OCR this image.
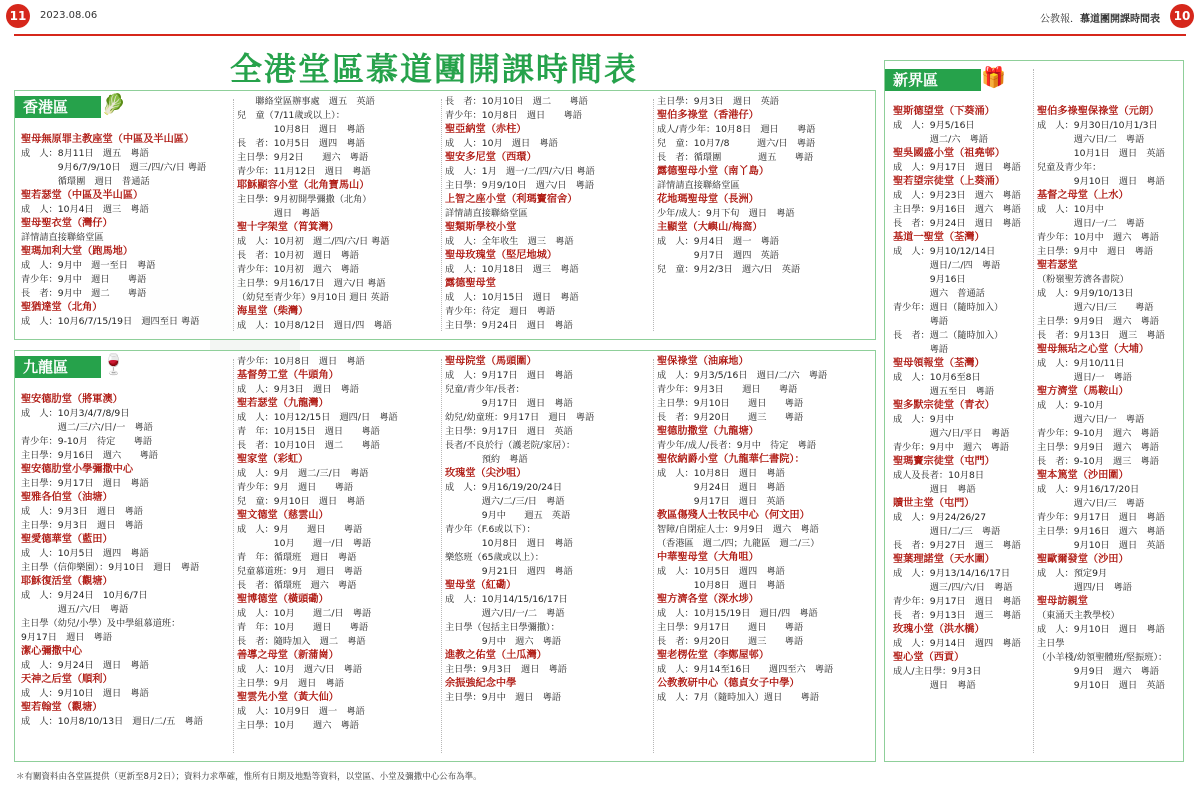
11	2023.08.06	公教報．慕道團開課時間表	10
全港堂區慕道團開課時間表
香港區 🥬
聖母無原罪主教座堂（中區及半山區）
成　人：8月11日　週五　粵語
　　　　9月6/7/9/10日　週三/四/六/日 粵語
　　　　循環團　週日　普通話
聖若瑟堂（中區及半山區）
成　人：10月4日　週三　粵語
聖母聖衣堂（灣仔）
詳情請直接聯絡堂區
聖瑪加利大堂（跑馬地）
成　人：9月中　週一至日　粵語
青少年：9月中　週日　　粵語
長　者：9月中　週二　　粵語
聖猶達堂（北角）
成　人：10月6/7/15/19日　週四至日 粵語
　　聯絡堂區辦事處　週五　英語
兒　童（7/11歲或以上）：
　　　　10月8日　週日　粵語
長　者：10月5日　週四　粵語
主日學：9月2日　　週六　粵語
青少年：11月12日　週日　粵語
耶穌顯容小堂（北角寶馬山）
主日學：9月初開學彌撒（北角）
　　　　週日　粵語
聖十字架堂（筲箕灣）
成　人：10月初　週二/四/六/日 粵語
長　者：10月初　週日　粵語
青少年：10月初　週六　粵語
主日學：9月16/17日　週六/日 粵語
（幼兒至青少年）9月10日 週日 英語
海星堂（柴灣）
成　人：10月8/12日　週日/四　粵語
長　者：10月10日　週二　　粵語
青少年：10月8日　週日　　粵語
聖亞納堂（赤柱）
成　人：10月　週日　粵語
聖安多尼堂（西環）
成　人：1月　週一/二/四/六/日 粵語
主日學：9月9/10日　週六/日　粵語
上智之座小堂（利瑪竇宿舍）
詳情請直接聯絡堂區
聖類斯學校小堂
成　人：全年收生　週三　粵語
聖母玫瑰堂（堅尼地城）
成　人：10月18日　週三　粵語
露德聖母堂
成　人：10月15日　週日　粵語
青少年：待定　週日　粵語
主日學：9月24日　週日　粵語
主日學：9月3日　週日　英語
聖伯多祿堂（香港仔）
成人/青少年：10月8日　週日　　粵語
兒　童：10月7/8　　　週六/日　粵語
長　者：循環團　　　　週五　　粵語
露德聖母小堂（南丫島）
詳情請直接聯絡堂區
花地瑪聖母堂（長洲）
少年/成人：9月下旬　週日　粵語
主顯堂（大嶼山/梅窩）
成　人：9月4日　週一　粵語
　　　　9月7日　週四　英語
兒　童：9月2/3日　週六/日　英語
九龍區 🍷
聖安德肋堂（將軍澳）
成　人：10月3/4/7/8/9日
　　　　週二/三/六/日/一　粵語
青少年：9-10月　待定　　粵語
主日學：9月16日　週六　　粵語
聖安德肋堂小學彌撒中心
主日學：9月17日　週日　粵語
聖雅各伯堂（油塘）
成　人：9月3日　週日　粵語
主日學：9月3日　週日　粵語
聖愛德華堂（藍田）
成　人：10月5日　週四　粵語
主日學（信仰樂園）：9月10日　週日　粵語
耶穌復活堂（觀塘）
成　人：9月24日　10月6/7日
　　　　週五/六/日　粵語
主日學（幼兒/小學）及中學組慕道班：
9月17日　週日　粵語
潔心彌撒中心
成　人：9月24日　週日　粵語
天神之后堂（順利）
成　人：9月10日　週日　粵語
聖若翰堂（觀塘）
成　人：10月8/10/13日　週日/二/五　粵語
青少年：10月8日　週日　粵語
基督勞工堂（牛頭角）
成　人：9月3日　週日　粵語
聖若瑟堂（九龍灣）
成　人：10月12/15日　週四/日　粵語
青　年：10月15日　週日　　粵語
長　者：10月10日　週二　　粵語
聖家堂（彩虹）
成　人：9月　週二/三/日　粵語
青少年：9月　週日　　粵語
兒　童：9月10日　週日　粵語
聖文德堂（慈雲山）
成　人：9月　　週日　　粵語
　　　　10月　　週一/日　粵語
青　年：循環班　週日　粵語
兒童慕道班：9月　週日　粵語
長　者：循環班　週六　粵語
聖博德堂（橫頭磡）
成　人：10月　　週二/日　粵語
青　年：10月　　週日　　粵語
長　者：隨時加入　週二　粵語
善導之母堂（新蒲崗）
成　人：10月　週六/日　粵語
主日學：9月　週日　粵語
聖雲先小堂（黃大仙）
成　人：10月9日　週一　粵語
主日學：10月　　週六　粵語
聖母院堂（馬頭圍）
成　人：9月17日　週日　粵語
兒童/青少年/長者：
　　　　9月17日　週日　粵語
幼兒/幼童班：9月17日　週日　粵語
主日學：9月17日　週日　英語
長者/不良於行（護老院/家居）：
　　　　預約　粵語
玫瑰堂（尖沙咀）
成　人：9月16/19/20/24日
　　　　週六/二/三/日　粵語
　　　　9月中　　週五　英語
青少年（F.6或以下）：
　　　　10月8日　週日　粵語
樂悠班（65歲或以上）：
　　　　9月21日　週四　粵語
聖母堂（紅磡）
成　人：10月14/15/16/17日
　　　　週六/日/一/二　粵語
主日學（包括主日學彌撒）：
　　　　9月中　週六　粵語
進教之佑堂（土瓜灣）
主日學：9月3日　週日　粵語
余振強紀念中學
主日學：9月中　週日　粵語
聖保祿堂（油麻地）
成　人：9月3/5/16日　週日/二/六　粵語
青少年：9月3日　　週日　　粵語
主日學：9月10日　　週日　　粵語
長　者：9月20日　　週三　　粵語
聖德肋撒堂（九龍塘）
青少年/成人/長者：9月中　待定　粵語
聖依納爵小堂（九龍華仁書院）：
成　人：10月8日　週日　粵語
　　　　9月24日　週日　粵語
　　　　9月17日　週日　英語
教區傷殘人士牧民中心（何文田）
智障/自閉症人士：9月9日　週六　粵語
（香港區　週二/四；九龍區　週二/三）
中華聖母堂（大角咀）
成　人：10月5日　週四　粵語
　　　　10月8日　週日　粵語
聖方濟各堂（深水埗）
成　人：10月15/19日　週日/四　粵語
主日學：9月17日　　週日　　粵語
長　者：9月20日　　週三　　粵語
聖老楞佐堂（李鄭屋邨）
成　人：9月14至16日　　週四至六　粵語
公教教研中心（德貞女子中學）
成　人：7月（隨時加入）週日　　粵語
新界區 🎁
聖斯德望堂（下葵涌）
成　人：9月5/16日
　　　　週二/六　粵語
聖吳國盛小堂（祖堯邨）
成　人：9月17日　週日　粵語
聖若望宗徒堂（上葵涌）
成　人：9月23日　週六　粵語
主日學：9月16日　週六　粵語
長　者：9月24日　週日　粵語
基道一聖堂（荃灣）
成　人：9月10/12/14日
　　　　週日/二/四　粵語
　　　　9月16日
　　　　週六　普通話
青少年：週日（隨時加入）
　　　　粵語
長　者：週二（隨時加入）
　　　　粵語
聖母領報堂（荃灣）
成　人：10月6至8日
　　　　週五至日　粵語
聖多默宗徒堂（青衣）
成　人：9月中
　　　　週六/日/平日　粵語
青少年：9月中　週六　粵語
聖瑪竇宗徒堂（屯門）
成人及長者：10月8日
　　　　週日　粵語
贖世主堂（屯門）
成　人：9月24/26/27
　　　　週日/二/三　粵語
長　者：9月27日　週三　粵語
聖葉理諾堂（天水圍）
成　人：9月13/14/16/17日
　　　　週三/四/六/日　粵語
青少年：9月17日　週日　粵語
長　者：9月13日　週三　粵語
玫瑰小堂（洪水橋）
成　人：9月14日　週四　粵語
聖心堂（西貢）
成人/主日學：9月3日
　　　　週日　粵語
聖伯多祿聖保祿堂（元朗）
成　人：9月30日/10月1/3日
　　　　週六/日/二　粵語
　　　　10月1日　週日　英語
兒童及青少年：
　　　　9月10日　週日　粵語
基督之母堂（上水）
成　人：10月中
　　　　週日/一/二　粵語
青少年：10月中　週六　粵語
主日學：9月中　週日　粵語
聖若瑟堂
（粉嶺聖芳濟各書院）
成　人：9月9/10/13日
　　　　週六/日/三　　粵語
主日學：9月9日　週六　粵語
長　者：9月13日　週三　粵語
聖母無玷之心堂（大埔）
成　人：9月10/11日
　　　　週日/一　粵語
聖方濟堂（馬鞍山）
成　人：9-10月
　　　　週六/日/一　粵語
青少年：9-10月　週六　粵語
主日學：9月9日　週六　粵語
長　者：9-10月　週三　粵語
聖本篤堂（沙田圍）
成　人：9月16/17/20日
　　　　週六/日/三　粵語
青少年：9月17日　週日　粵語
主日學：9月16日　週六　粵語
　　　　9月10日　週日　英語
聖歐爾發堂（沙田）
成　人：預定9月
　　　　週四/日　粵語
聖母訪親堂
（東涌天主教學校）
成　人：9月10日　週日　粵語
主日學
（小羊棧/幼領聖體班/堅振班）：
　　　　9月9日　週六　粵語
　　　　9月10日　週日　英語
＊有關資料由各堂區提供（更新至8月2日）；資料力求準確，惟所有日期及地點等資料，以堂區、小堂及彌撒中心公布為準。
